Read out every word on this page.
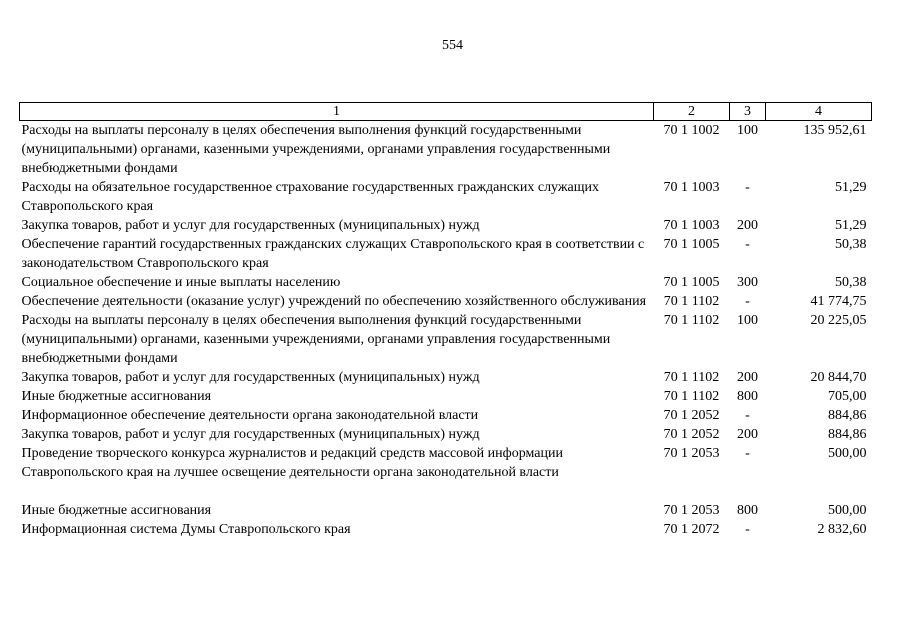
554
1	2	3	4
Расходы на выплаты персоналу в целях обеспечения выполнения функций государственными (муниципальными) органами, казенными учреждениями, органами управления государственными внебюджетными фондами	70 1 1002	100	135 952,61
Расходы на обязательное государственное страхование государственных гражданских служащих Ставропольского края	70 1 1003	-	51,29
Закупка товаров, работ и услуг для государственных (муниципальных) нужд	70 1 1003	200	51,29
Обеспечение гарантий государственных гражданских служащих Ставропольского края в соответствии с законодательством Ставропольского края	70 1 1005	-	50,38
Социальное обеспечение и иные выплаты населению	70 1 1005	300	50,38
Обеспечение деятельности (оказание услуг) учреждений по обеспечению хозяйственного обслуживания	70 1 1102	-	41 774,75
Расходы на выплаты персоналу в целях обеспечения выполнения функций государственными (муниципальными) органами, казенными учреждениями, органами управления государственными внебюджетными фондами	70 1 1102	100	20 225,05
Закупка товаров, работ и услуг для государственных (муниципальных) нужд	70 1 1102	200	20 844,70
Иные бюджетные ассигнования	70 1 1102	800	705,00
Информационное обеспечение деятельности органа законодательной власти	70 1 2052	-	884,86
Закупка товаров, работ и услуг для государственных (муниципальных) нужд	70 1 2052	200	884,86
Проведение творческого конкурса журналистов и редакций средств массовой информации Ставропольского края на лучшее освещение деятельности органа законодательной власти	70 1 2053	-	500,00

Иные бюджетные ассигнования	70 1 2053	800	500,00
Информационная система Думы Ставропольского края	70 1 2072	-	2 832,60
